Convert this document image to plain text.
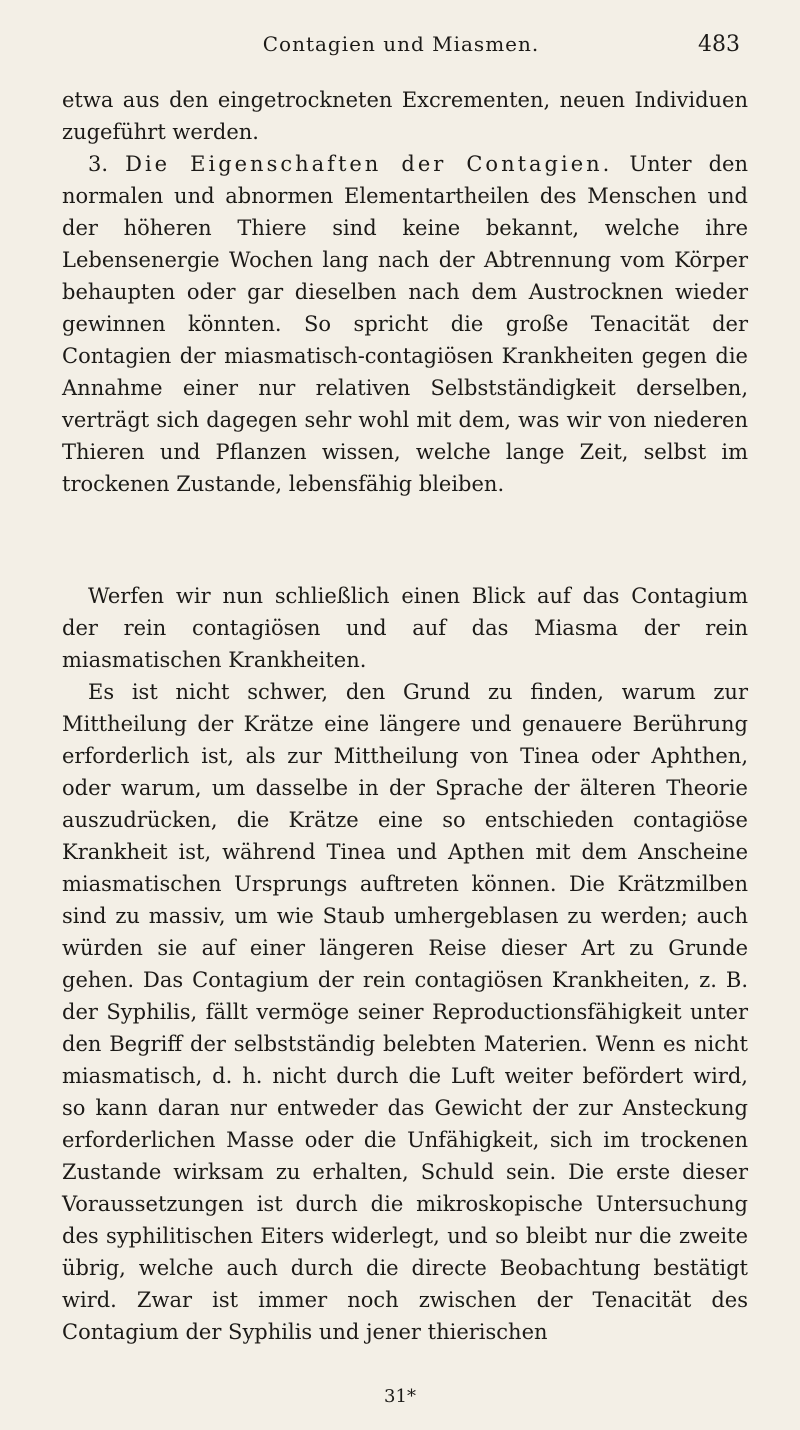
Contagien und Miasmen.	483

etwa aus den eingetrockneten Excrementen, neuen Individuen zugeführt werden.

3. Die Eigenschaften der Contagien. Unter den normalen und abnormen Elementartheilen des Menschen und der höheren Thiere sind keine bekannt, welche ihre Lebensenergie Wochen lang nach der Abtrennung vom Körper behaupten oder gar dieselben nach dem Austrocknen wieder gewinnen könnten. So spricht die große Tenacität der Contagien der miasmatisch-contagiösen Krankheiten gegen die Annahme einer nur relativen Selbstständigkeit derselben, verträgt sich dagegen sehr wohl mit dem, was wir von niederen Thieren und Pflanzen wissen, welche lange Zeit, selbst im trockenen Zustande, lebensfähig bleiben.

Werfen wir nun schließlich einen Blick auf das Contagium der rein contagiösen und auf das Miasma der rein miasmatischen Krankheiten.

Es ist nicht schwer, den Grund zu finden, warum zur Mittheilung der Krätze eine längere und genauere Berührung erforderlich ist, als zur Mittheilung von Tinea oder Aphthen, oder warum, um dasselbe in der Sprache der älteren Theorie auszudrücken, die Krätze eine so entschieden contagiöse Krankheit ist, während Tinea und Apthen mit dem Anscheine miasmatischen Ursprungs auftreten können. Die Krätzmilben sind zu massiv, um wie Staub umhergeblasen zu werden; auch würden sie auf einer längeren Reise dieser Art zu Grunde gehen. Das Contagium der rein contagiösen Krankheiten, z. B. der Syphilis, fällt vermöge seiner Reproductionsfähigkeit unter den Begriff der selbstständig belebten Materien. Wenn es nicht miasmatisch, d. h. nicht durch die Luft weiter befördert wird, so kann daran nur entweder das Gewicht der zur Ansteckung erforderlichen Masse oder die Unfähigkeit, sich im trockenen Zustande wirksam zu erhalten, Schuld sein. Die erste dieser Voraussetzungen ist durch die mikroskopische Untersuchung des syphilitischen Eiters widerlegt, und so bleibt nur die zweite übrig, welche auch durch die directe Beobachtung bestätigt wird. Zwar ist immer noch zwischen der Tenacität des Contagium der Syphilis und jener thierischen

31*
